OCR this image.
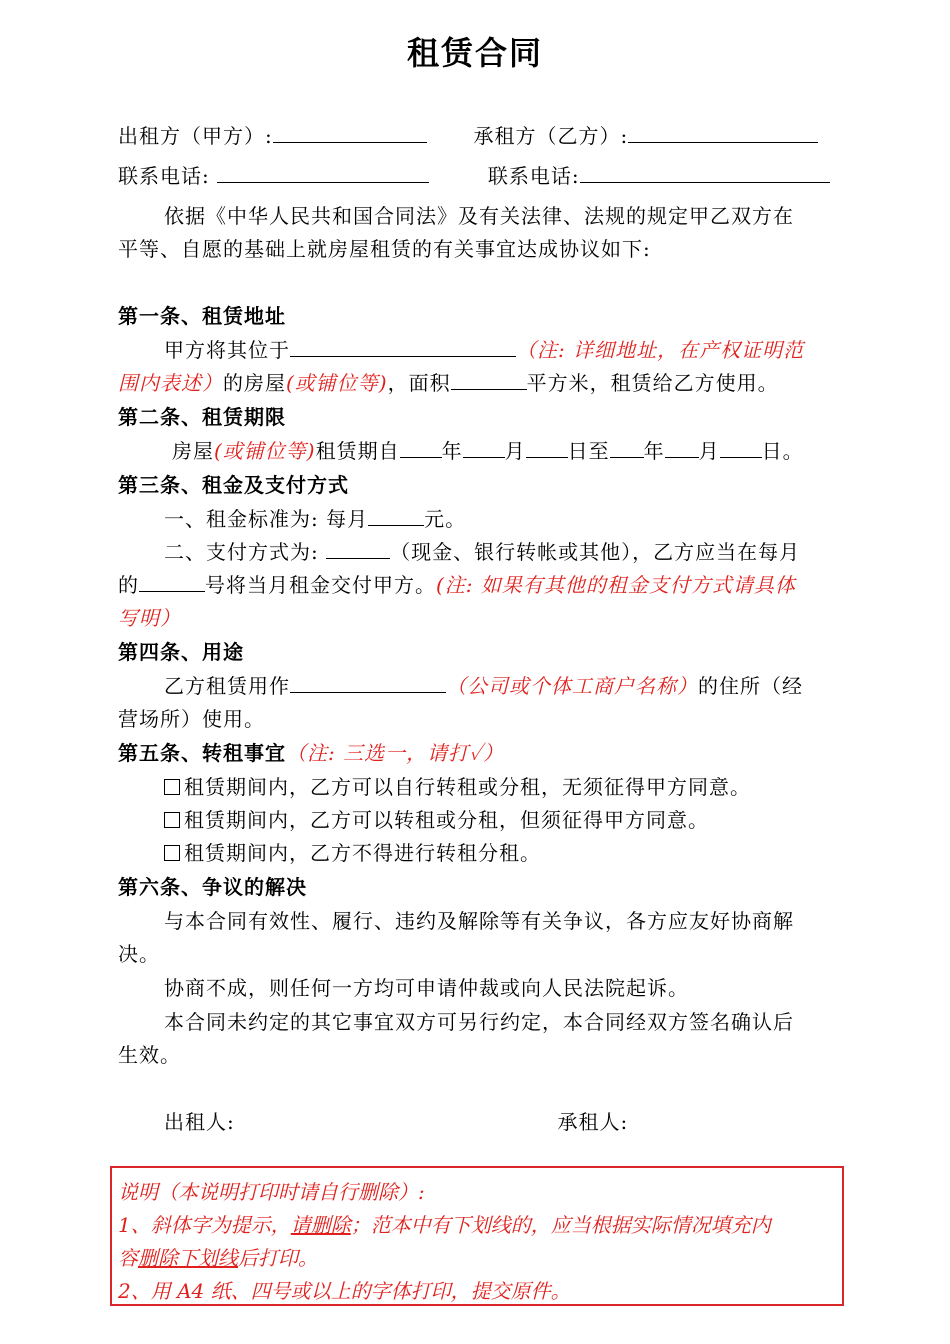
租赁合同
出租方（甲方）:	承租方（乙方）:
联系电话:	联系电话:
依据《中华人民共和国合同法》及有关法律、法规的规定甲乙双方在
平等、自愿的基础上就房屋租赁的有关事宜达成协议如下:
第一条、租赁地址
甲方将其位于	（注: 详细地址，在产权证明范
围内表述）的房屋(或铺位等)，面积	平方米，租赁给乙方使用。
第二条、租赁期限
房屋(或铺位等)租赁期自 年 月 日至 年 月 日。
第三条、租金及支付方式
一、租金标准为: 每月	元。
二、支付方式为:	（现金、银行转帐或其他），乙方应当在每月
的	号将当月租金交付甲方。(注: 如果有其他的租金支付方式请具体
写明）
第四条、用途
乙方租赁用作	（公司或个体工商户名称）的住所（经
营场所）使用。
第五条、转租事宜（注: 三选一，请打✓）
租赁期间内，乙方可以自行转租或分租，无须征得甲方同意。
租赁期间内，乙方可以转租或分租，但须征得甲方同意。
租赁期间内，乙方不得进行转租分租。
第六条、争议的解决
与本合同有效性、履行、违约及解除等有关争议，各方应友好协商解
决。
协商不成，则任何一方均可申请仲裁或向人民法院起诉。
本合同未约定的其它事宜双方可另行约定，本合同经双方签名确认后
生效。
出租人:	承租人:
说明（本说明打印时请自行删除）:
1、斜体字为提示，请删除；范本中有下划线的，应当根据实际情况填充内
容删除下划线后打印。
2、用 A4 纸、四号或以上的字体打印，提交原件。
